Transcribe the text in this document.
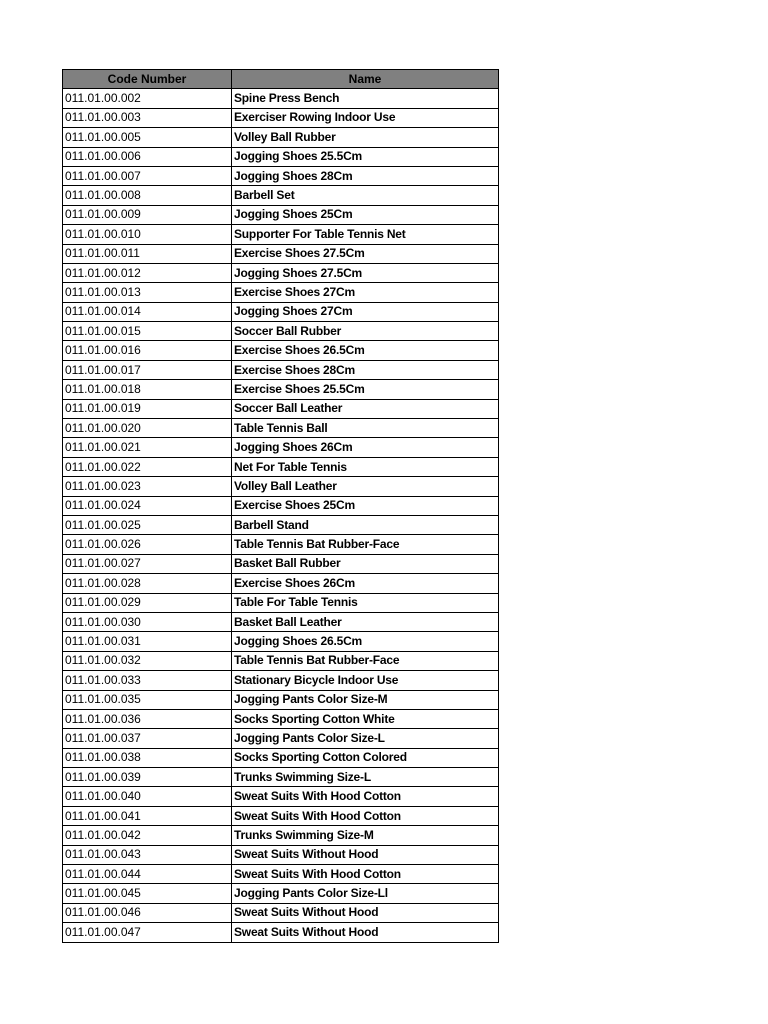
Code Number	Name
011.01.00.002	Spine Press Bench
011.01.00.003	Exerciser Rowing Indoor Use
011.01.00.005	Volley Ball Rubber
011.01.00.006	Jogging Shoes 25.5Cm
011.01.00.007	Jogging Shoes 28Cm
011.01.00.008	Barbell Set
011.01.00.009	Jogging Shoes 25Cm
011.01.00.010	Supporter For Table Tennis Net
011.01.00.011	Exercise Shoes 27.5Cm
011.01.00.012	Jogging Shoes 27.5Cm
011.01.00.013	Exercise Shoes 27Cm
011.01.00.014	Jogging Shoes 27Cm
011.01.00.015	Soccer Ball Rubber
011.01.00.016	Exercise Shoes 26.5Cm
011.01.00.017	Exercise Shoes 28Cm
011.01.00.018	Exercise Shoes 25.5Cm
011.01.00.019	Soccer Ball Leather
011.01.00.020	Table Tennis Ball
011.01.00.021	Jogging Shoes 26Cm
011.01.00.022	Net For Table Tennis
011.01.00.023	Volley Ball Leather
011.01.00.024	Exercise Shoes 25Cm
011.01.00.025	Barbell Stand
011.01.00.026	Table Tennis Bat Rubber-Face
011.01.00.027	Basket Ball Rubber
011.01.00.028	Exercise Shoes 26Cm
011.01.00.029	Table For Table Tennis
011.01.00.030	Basket Ball Leather
011.01.00.031	Jogging Shoes 26.5Cm
011.01.00.032	Table Tennis Bat Rubber-Face
011.01.00.033	Stationary Bicycle Indoor Use
011.01.00.035	Jogging Pants Color Size-M
011.01.00.036	Socks Sporting Cotton White
011.01.00.037	Jogging Pants Color Size-L
011.01.00.038	Socks Sporting Cotton Colored
011.01.00.039	Trunks Swimming Size-L
011.01.00.040	Sweat Suits With Hood Cotton
011.01.00.041	Sweat Suits With Hood Cotton
011.01.00.042	Trunks Swimming Size-M
011.01.00.043	Sweat Suits Without Hood
011.01.00.044	Sweat Suits With Hood Cotton
011.01.00.045	Jogging Pants Color Size-Ll
011.01.00.046	Sweat Suits Without Hood
011.01.00.047	Sweat Suits Without Hood
